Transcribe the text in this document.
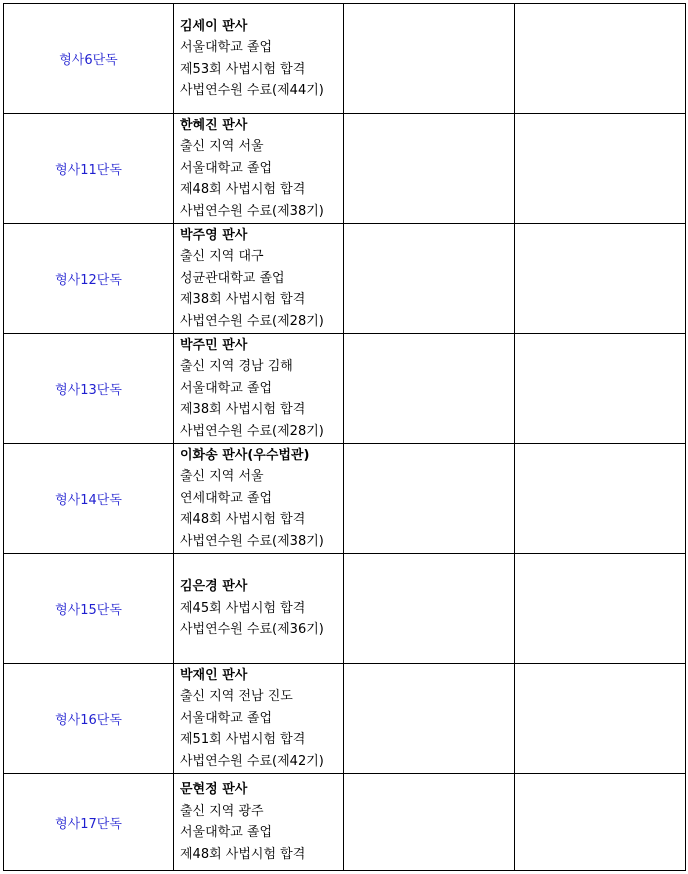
형사6단독	김세이 판사
서울대학교 졸업
제53회 사법시험 합격
사법연수원 수료(제44기)		

형사11단독	한혜진 판사
출신 지역 서울
서울대학교 졸업
제48회 사법시험 합격
사법연수원 수료(제38기)		

형사12단독	박주영 판사
출신 지역 대구
성균관대학교 졸업
제38회 사법시험 합격
사법연수원 수료(제28기)		

형사13단독	박주민 판사
출신 지역 경남 김해
서울대학교 졸업
제38회 사법시험 합격
사법연수원 수료(제28기)		

형사14단독	이화송 판사(우수법관)
출신 지역 서울
연세대학교 졸업
제48회 사법시험 합격
사법연수원 수료(제38기)		

형사15단독	김은경 판사
제45회 사법시험 합격
사법연수원 수료(제36기)		

형사16단독	박재인 판사
출신 지역 전남 진도
서울대학교 졸업
제51회 사법시험 합격
사법연수원 수료(제42기)		

형사17단독	문현정 판사
출신 지역 광주
서울대학교 졸업
제48회 사법시험 합격		
